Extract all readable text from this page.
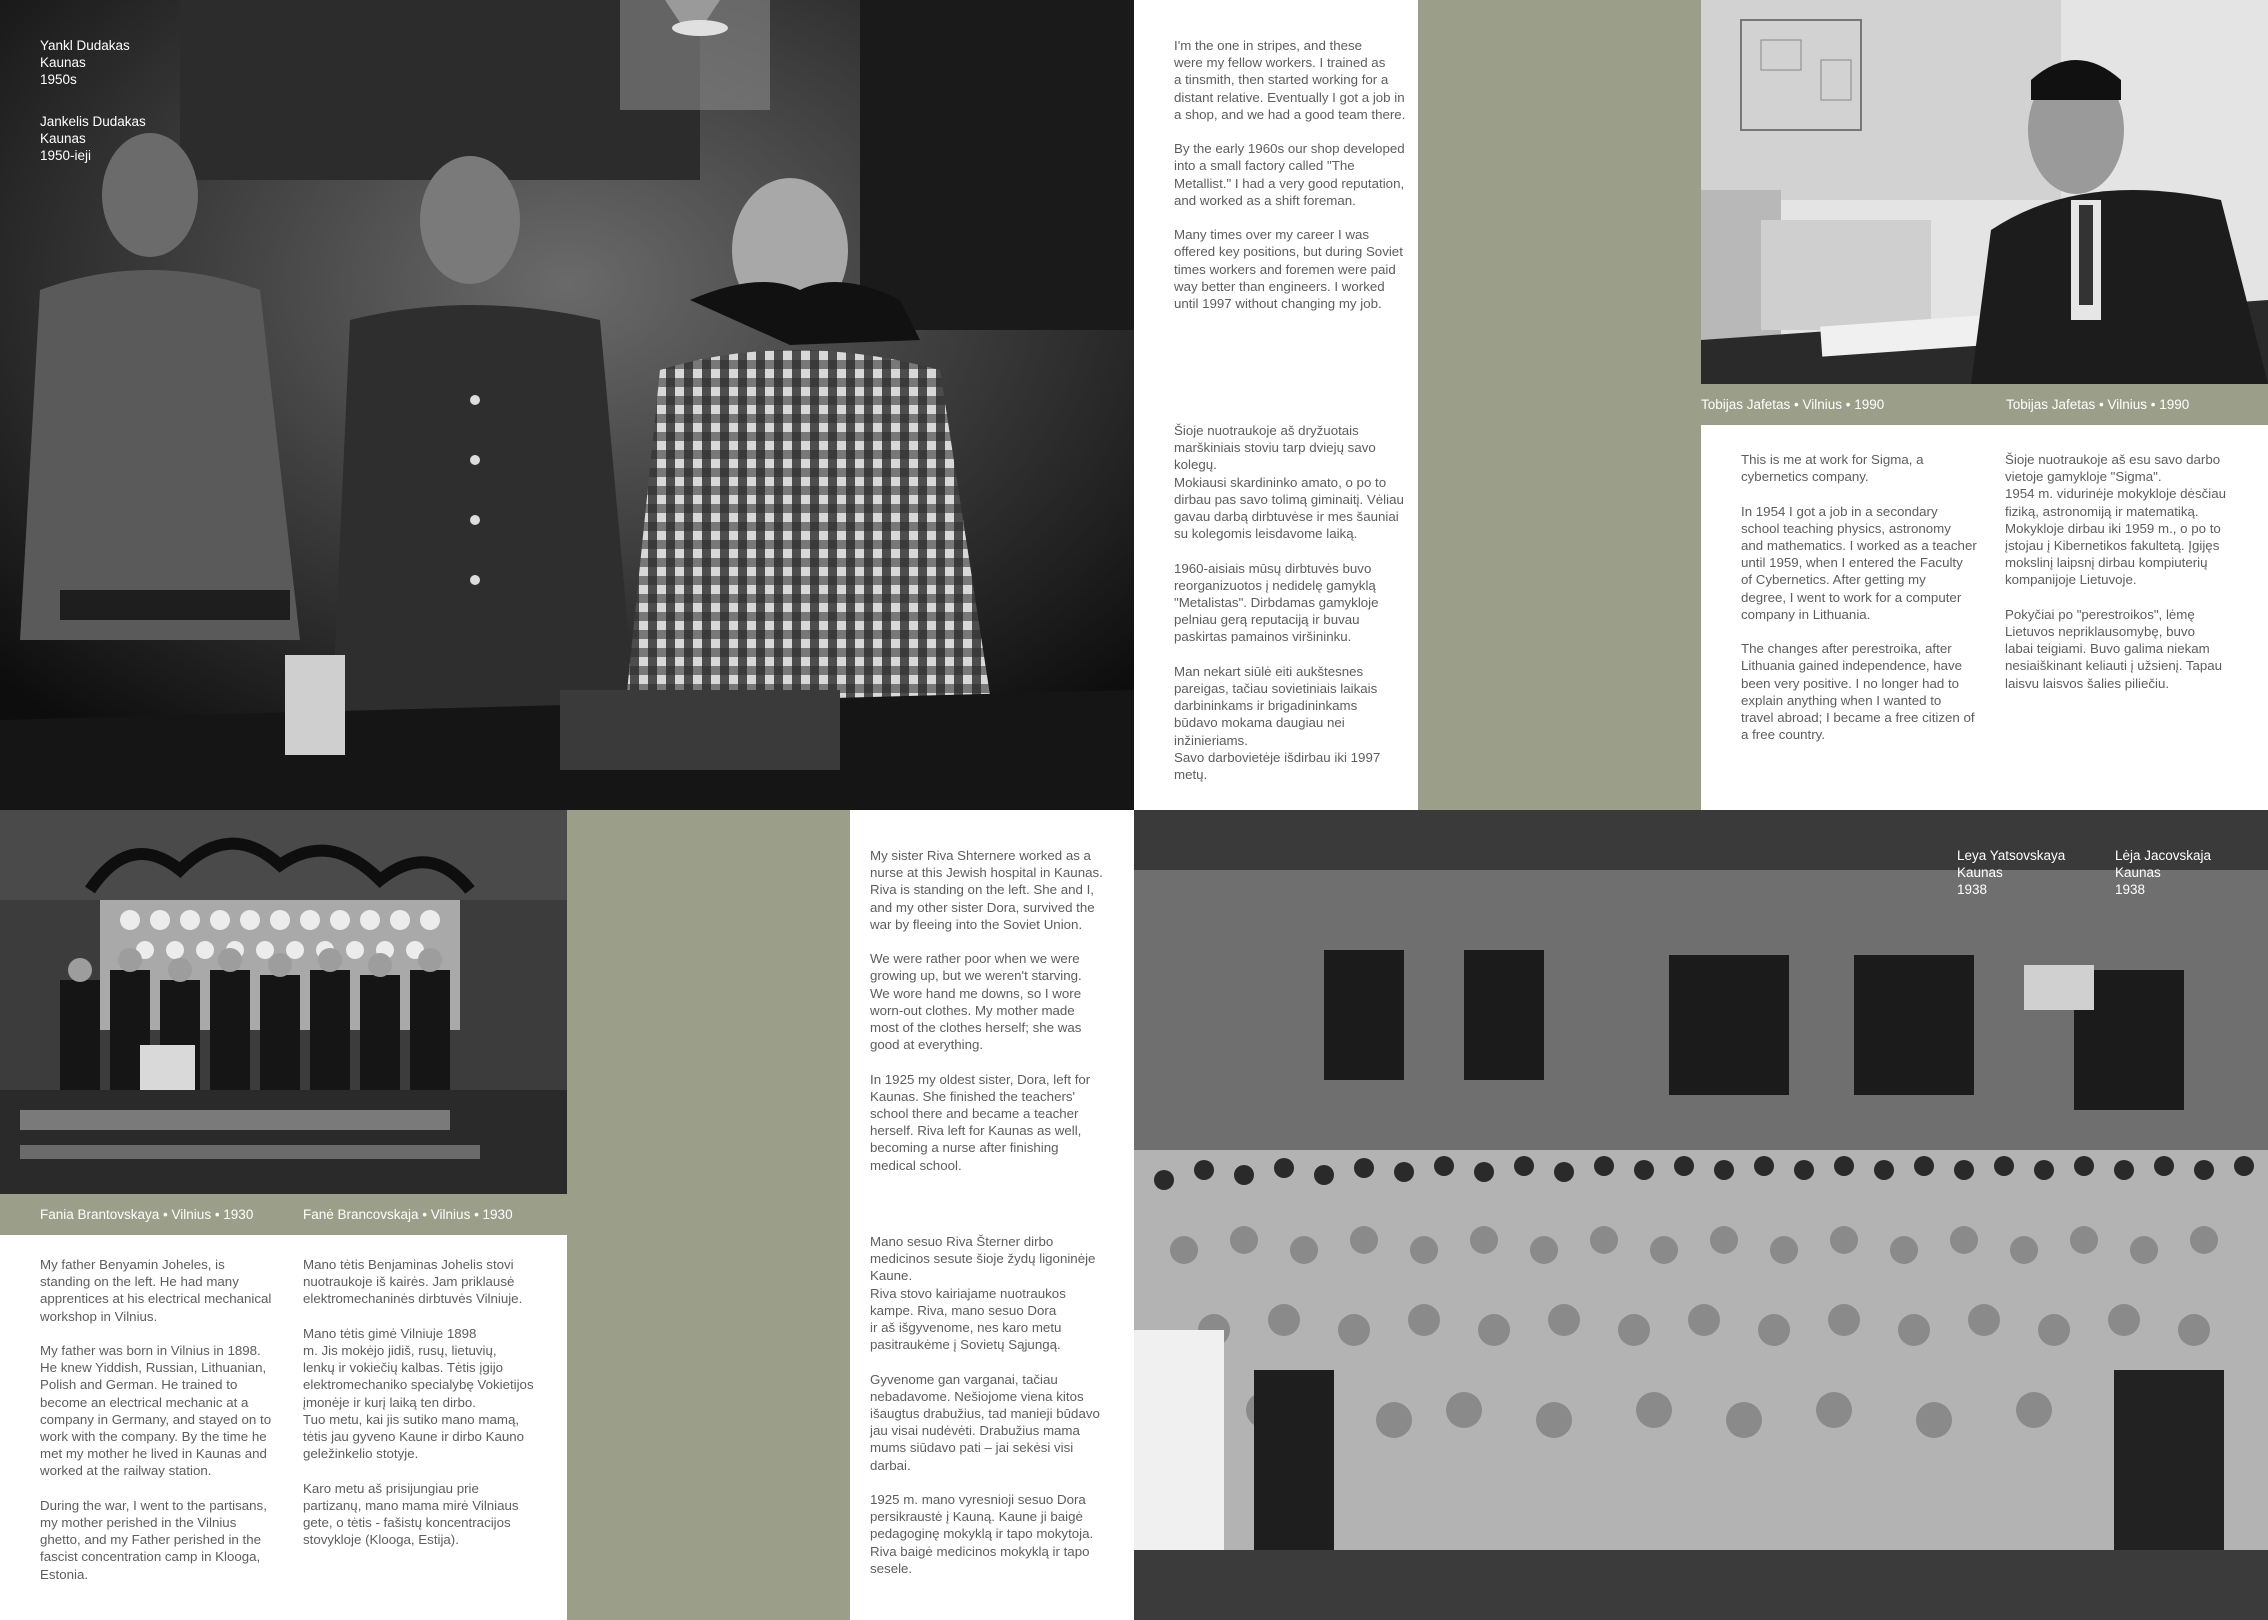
Yankl Dudakas
Kaunas
1950s
Jankelis Dudakas
Kaunas
1950-ieji
I'm the one in stripes, and these
were my fellow workers. I trained as
a tinsmith, then started working for a
distant relative. Eventually I got a job in
a shop, and we had a good team there.

By the early 1960s our shop developed
into a small factory called "The
Metallist." I had a very good reputation,
and worked as a shift foreman.

Many times over my career I was
offered key positions, but during Soviet
times workers and foremen were paid
way better than engineers. I worked
until 1997 without changing my job.
Šioje nuotraukoje aš dryžuotais
marškiniais stoviu tarp dviejų savo
kolegų.
Mokiausi skardininko amato, o po to
dirbau pas savo tolimą giminaitį. Vėliau
gavau darbą dirbtuvėse ir mes šauniai
su kolegomis leisdavome laiką.

1960-aisiais mūsų dirbtuvės buvo
reorganizuotos į nedidelę gamyklą
"Metalistas". Dirbdamas gamykloje
pelniau gerą reputaciją ir buvau
paskirtas pamainos viršininku.

Man nekart siūlė eiti aukštesnes
pareigas, tačiau sovietiniais laikais
darbininkams ir brigadininkams
būdavo mokama daugiau nei
inžinieriams.
Savo darbovietėje išdirbau iki 1997
metų.
Tobijas Jafetas • Vilnius • 1990	Tobijas Jafetas • Vilnius • 1990
This is me at work for Sigma, a
cybernetics company.

In 1954 I got a job in a secondary
school teaching physics, astronomy
and mathematics. I worked as a teacher
until 1959, when I entered the Faculty
of Cybernetics. After getting my
degree, I went to work for a computer
company in Lithuania.

The changes after perestroika, after
Lithuania gained independence, have
been very positive. I no longer had to
explain anything when I wanted to
travel abroad; I became a free citizen of
a free country.
Šioje nuotraukoje aš esu savo darbo
vietoje gamykloje "Sigma".
1954 m. vidurinėje mokykloje dėsčiau
fiziką, astronomiją ir matematiką.
Mokykloje dirbau iki 1959 m., o po to
įstojau į Kibernetikos fakultetą. Įgijęs
mokslinį laipsnį dirbau kompiuterių
kompanijoje Lietuvoje.

Pokyčiai po "perestroikos", lėmę
Lietuvos nepriklausomybę, buvo
labai teigiami. Buvo galima niekam
nesiaiškinant keliauti į užsienį. Tapau
laisvu laisvos šalies piliečiu.
Fania Brantovskaya • Vilnius • 1930	Fanė Brancovskaja • Vilnius • 1930
My father Benyamin Joheles, is
standing on the left. He had many
apprentices at his electrical mechanical
workshop in Vilnius.

My father was born in Vilnius in 1898.
He knew Yiddish, Russian, Lithuanian,
Polish and German. He trained to
become an electrical mechanic at a
company in Germany, and stayed on to
work with the company. By the time he
met my mother he lived in Kaunas and
worked at the railway station.

During the war, I went to the partisans,
my mother perished in the Vilnius
ghetto, and my Father perished in the
fascist concentration camp in Klooga,
Estonia.
Mano tėtis Benjaminas Johelis stovi
nuotraukoje iš kairės. Jam priklausė
elektromechaninės dirbtuvės Vilniuje.

Mano tėtis gimė Vilniuje 1898
m. Jis mokėjo jidiš, rusų, lietuvių,
lenkų ir vokiečių kalbas. Tėtis įgijo
elektromechaniko specialybę Vokietijos
įmonėje ir kurį laiką ten dirbo.
Tuo metu, kai jis sutiko mano mamą,
tėtis jau gyveno Kaune ir dirbo Kauno
geležinkelio stotyje.

Karo metu aš prisijungiau prie
partizanų, mano mama mirė Vilniaus
gete, o tėtis - fašistų koncentracijos
stovykloje (Klooga, Estija).
My sister Riva Shternere worked as a
nurse at this Jewish hospital in Kaunas.
Riva is standing on the left. She and I,
and my other sister Dora, survived the
war by fleeing into the Soviet Union.

We were rather poor when we were
growing up, but we weren't starving.
We wore hand me downs, so I wore
worn-out clothes. My mother made
most of the clothes herself; she was
good at everything.

In 1925 my oldest sister, Dora, left for
Kaunas. She finished the teachers'
school there and became a teacher
herself. Riva left for Kaunas as well,
becoming a nurse after finishing
medical school.
Mano sesuo Riva Šterner dirbo
medicinos sesute šioje žydų ligoninėje
Kaune.
Riva stovo kairiajame nuotraukos
kampe. Riva, mano sesuo Dora
ir aš išgyvenome, nes karo metu
pasitraukėme į Sovietų Sąjungą.

Gyvenome gan varganai, tačiau
nebadavome. Nešiojome viena kitos
išaugtus drabužius, tad manieji būdavo
jau visai nudėvėti. Drabužius mama
mums siūdavo pati – jai sekėsi visi
darbai.

1925 m. mano vyresnioji sesuo Dora
persikraustė į Kauną. Kaune ji baigė
pedagoginę mokyklą ir tapo mokytoja.
Riva baigė medicinos mokyklą ir tapo
sesele.
Leya Yatsovskaya
Kaunas
1938
Lėja Jacovskaja
Kaunas
1938
